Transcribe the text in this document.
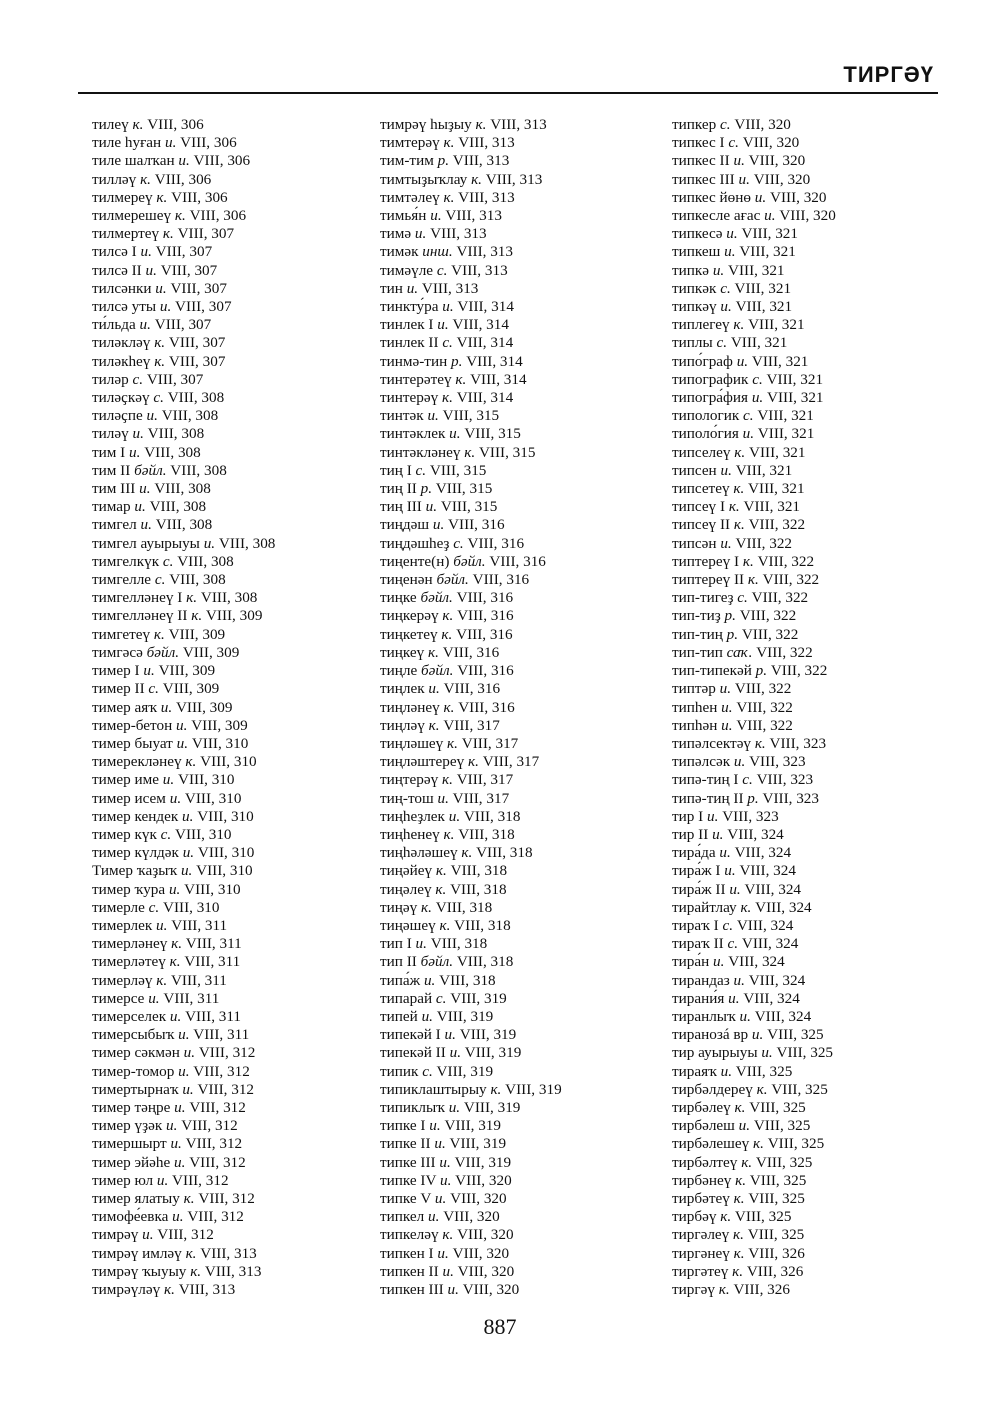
ТИРГӘҮ
тилеү к. VIII, 306
тиле һуған и. VIII, 306
тиле шалҡан и. VIII, 306
тилләү к. VIII, 306
тилмереү к. VIII, 306
тилмерешеү к. VIII, 306
тилмертеү к. VIII, 307
тилсә I и. VIII, 307
тилсә II и. VIII, 307
тилсәнки и. VIII, 307
тилсә уты и. VIII, 307
ти́льда и. VIII, 307
тиләкләү к. VIII, 307
тиләкһеү к. VIII, 307
тиләр с. VIII, 307
тиләҫкәү с. VIII, 308
тиләҫпе и. VIII, 308
тиләү и. VIII, 308
тим I и. VIII, 308
тим II бәйл. VIII, 308
тим III и. VIII, 308
тимар и. VIII, 308
тимгел и. VIII, 308
тимгел ауырыуы и. VIII, 308
тимгелкүк с. VIII, 308
тимгелле с. VIII, 308
тимгелләнеү I к. VIII, 308
тимгелләнеү II к. VIII, 309
тимгетеү к. VIII, 309
тимгәсә бәйл. VIII, 309
тимер I и. VIII, 309
тимер II с. VIII, 309
тимер аяҡ и. VIII, 309
тимер-бетон и. VIII, 309
тимер быуат и. VIII, 310
тимерекләнеү к. VIII, 310
тимер име и. VIII, 310
тимер исем и. VIII, 310
тимер кендек и. VIII, 310
тимер күк с. VIII, 310
тимер күлдәк и. VIII, 310
Тимер ҡаҙыҡ и. VIII, 310
тимер ҡура и. VIII, 310
тимерле с. VIII, 310
тимерлек и. VIII, 311
тимерләнеү к. VIII, 311
тимерләтеү к. VIII, 311
тимерләү к. VIII, 311
тимерсе и. VIII, 311
тимерселек и. VIII, 311
тимерсыбыҡ и. VIII, 311
тимер сәкмән и. VIII, 312
тимер-томор и. VIII, 312
тимертырнаҡ и. VIII, 312
тимер тәңре и. VIII, 312
тимер үҙәк и. VIII, 312
тимершырт и. VIII, 312
тимер эйәһе и. VIII, 312
тимер юл и. VIII, 312
тимер ялатыу к. VIII, 312
тимофе́евка и. VIII, 312
тимрәү и. VIII, 312
тимрәү имләү к. VIII, 313
тимрәү ҡыуыу к. VIII, 313
тимрәүләү к. VIII, 313
тимрәү һыҙыу к. VIII, 313
тимтерәү к. VIII, 313
тим-тим р. VIII, 313
тимтыҙыҡлау к. VIII, 313
тимтәлеү к. VIII, 313
тимья́н и. VIII, 313
тимә и. VIII, 313
тимәк инш. VIII, 313
тимәүле с. VIII, 313
тин и. VIII, 313
тинкту́ра и. VIII, 314
тинлек I и. VIII, 314
тинлек II с. VIII, 314
тинмә-тин р. VIII, 314
тинтерәтеү к. VIII, 314
тинтерәү к. VIII, 314
тинтәк и. VIII, 315
тинтәклек и. VIII, 315
тинтәкләнеү к. VIII, 315
тиң I с. VIII, 315
тиң II р. VIII, 315
тиң III и. VIII, 315
тиңдәш и. VIII, 316
тиңдәшһеҙ с. VIII, 316
тиңенте(н) бәйл. VIII, 316
тиңенән бәйл. VIII, 316
тиңке бәйл. VIII, 316
тиңкерәү к. VIII, 316
тиңкетеү к. VIII, 316
тиңкеү к. VIII, 316
тиңле бәйл. VIII, 316
тиңлек и. VIII, 316
тиңләнеү к. VIII, 316
тиңләү к. VIII, 317
тиңләшеү к. VIII, 317
тиңләштереү к. VIII, 317
тиңтерәү к. VIII, 317
тиң-тош и. VIII, 317
тиңһеҙлек и. VIII, 318
тиңһенеү к. VIII, 318
тиңһәләшеү к. VIII, 318
тиңәйеү к. VIII, 318
тиңәлеү к. VIII, 318
тиңәү к. VIII, 318
тиңәшеү к. VIII, 318
тип I и. VIII, 318
тип II бәйл. VIII, 318
типа́ж и. VIII, 318
типарай с. VIII, 319
типей и. VIII, 319
типекәй I и. VIII, 319
типекәй II и. VIII, 319
типик с. VIII, 319
типиклаштырыу к. VIII, 319
типиклыҡ и. VIII, 319
типке I и. VIII, 319
типке II и. VIII, 319
типке III и. VIII, 319
типке IV и. VIII, 320
типке V и. VIII, 320
типкел и. VIII, 320
типкеләү к. VIII, 320
типкен I и. VIII, 320
типкен II и. VIII, 320
типкен III и. VIII, 320
типкер с. VIII, 320
типкес I с. VIII, 320
типкес II и. VIII, 320
типкес III и. VIII, 320
типкес йөнө и. VIII, 320
типкесле ағас и. VIII, 320
типкесә и. VIII, 321
типкеш и. VIII, 321
типкә и. VIII, 321
типкәк с. VIII, 321
типкәү и. VIII, 321
типлегеү к. VIII, 321
типлы с. VIII, 321
типо́граф и. VIII, 321
типографик с. VIII, 321
типогра́фия и. VIII, 321
типологик с. VIII, 321
типоло́гия и. VIII, 321
типселеү к. VIII, 321
типсен и. VIII, 321
типсетеү к. VIII, 321
типсеү I к. VIII, 321
типсеү II к. VIII, 322
типсән и. VIII, 322
типтереү I к. VIII, 322
типтереү II к. VIII, 322
тип-тигеҙ с. VIII, 322
тип-тиҙ р. VIII, 322
тип-тиң р. VIII, 322
тип-тип саҡ. VIII, 322
тип-типекәй р. VIII, 322
типтәр и. VIII, 322
типһен и. VIII, 322
типһән и. VIII, 322
типәлсектәү к. VIII, 323
типәлсәк и. VIII, 323
типә-тиң I с. VIII, 323
типә-тиң II р. VIII, 323
тир I и. VIII, 323
тир II и. VIII, 324
тира́да и. VIII, 324
тира́ж I и. VIII, 324
тира́ж II и. VIII, 324
тирайтлау к. VIII, 324
тираҡ I с. VIII, 324
тираҡ II с. VIII, 324
тира́н и. VIII, 324
тирандаз и. VIII, 324
тирани́я и. VIII, 324
тиранлыҡ и. VIII, 324
тиранозá вр и. VIII, 325
тир ауырыуы и. VIII, 325
тираяҡ и. VIII, 325
тирбәлдереү к. VIII, 325
тирбәлеү к. VIII, 325
тирбәлеш и. VIII, 325
тирбәлешеү к. VIII, 325
тирбәлтеү к. VIII, 325
тирбәнеү к. VIII, 325
тирбәтеү к. VIII, 325
тирбәү к. VIII, 325
тиргәлеү к. VIII, 325
тиргәнеү к. VIII, 326
тиргәтеү к. VIII, 326
тиргәү к. VIII, 326
887
